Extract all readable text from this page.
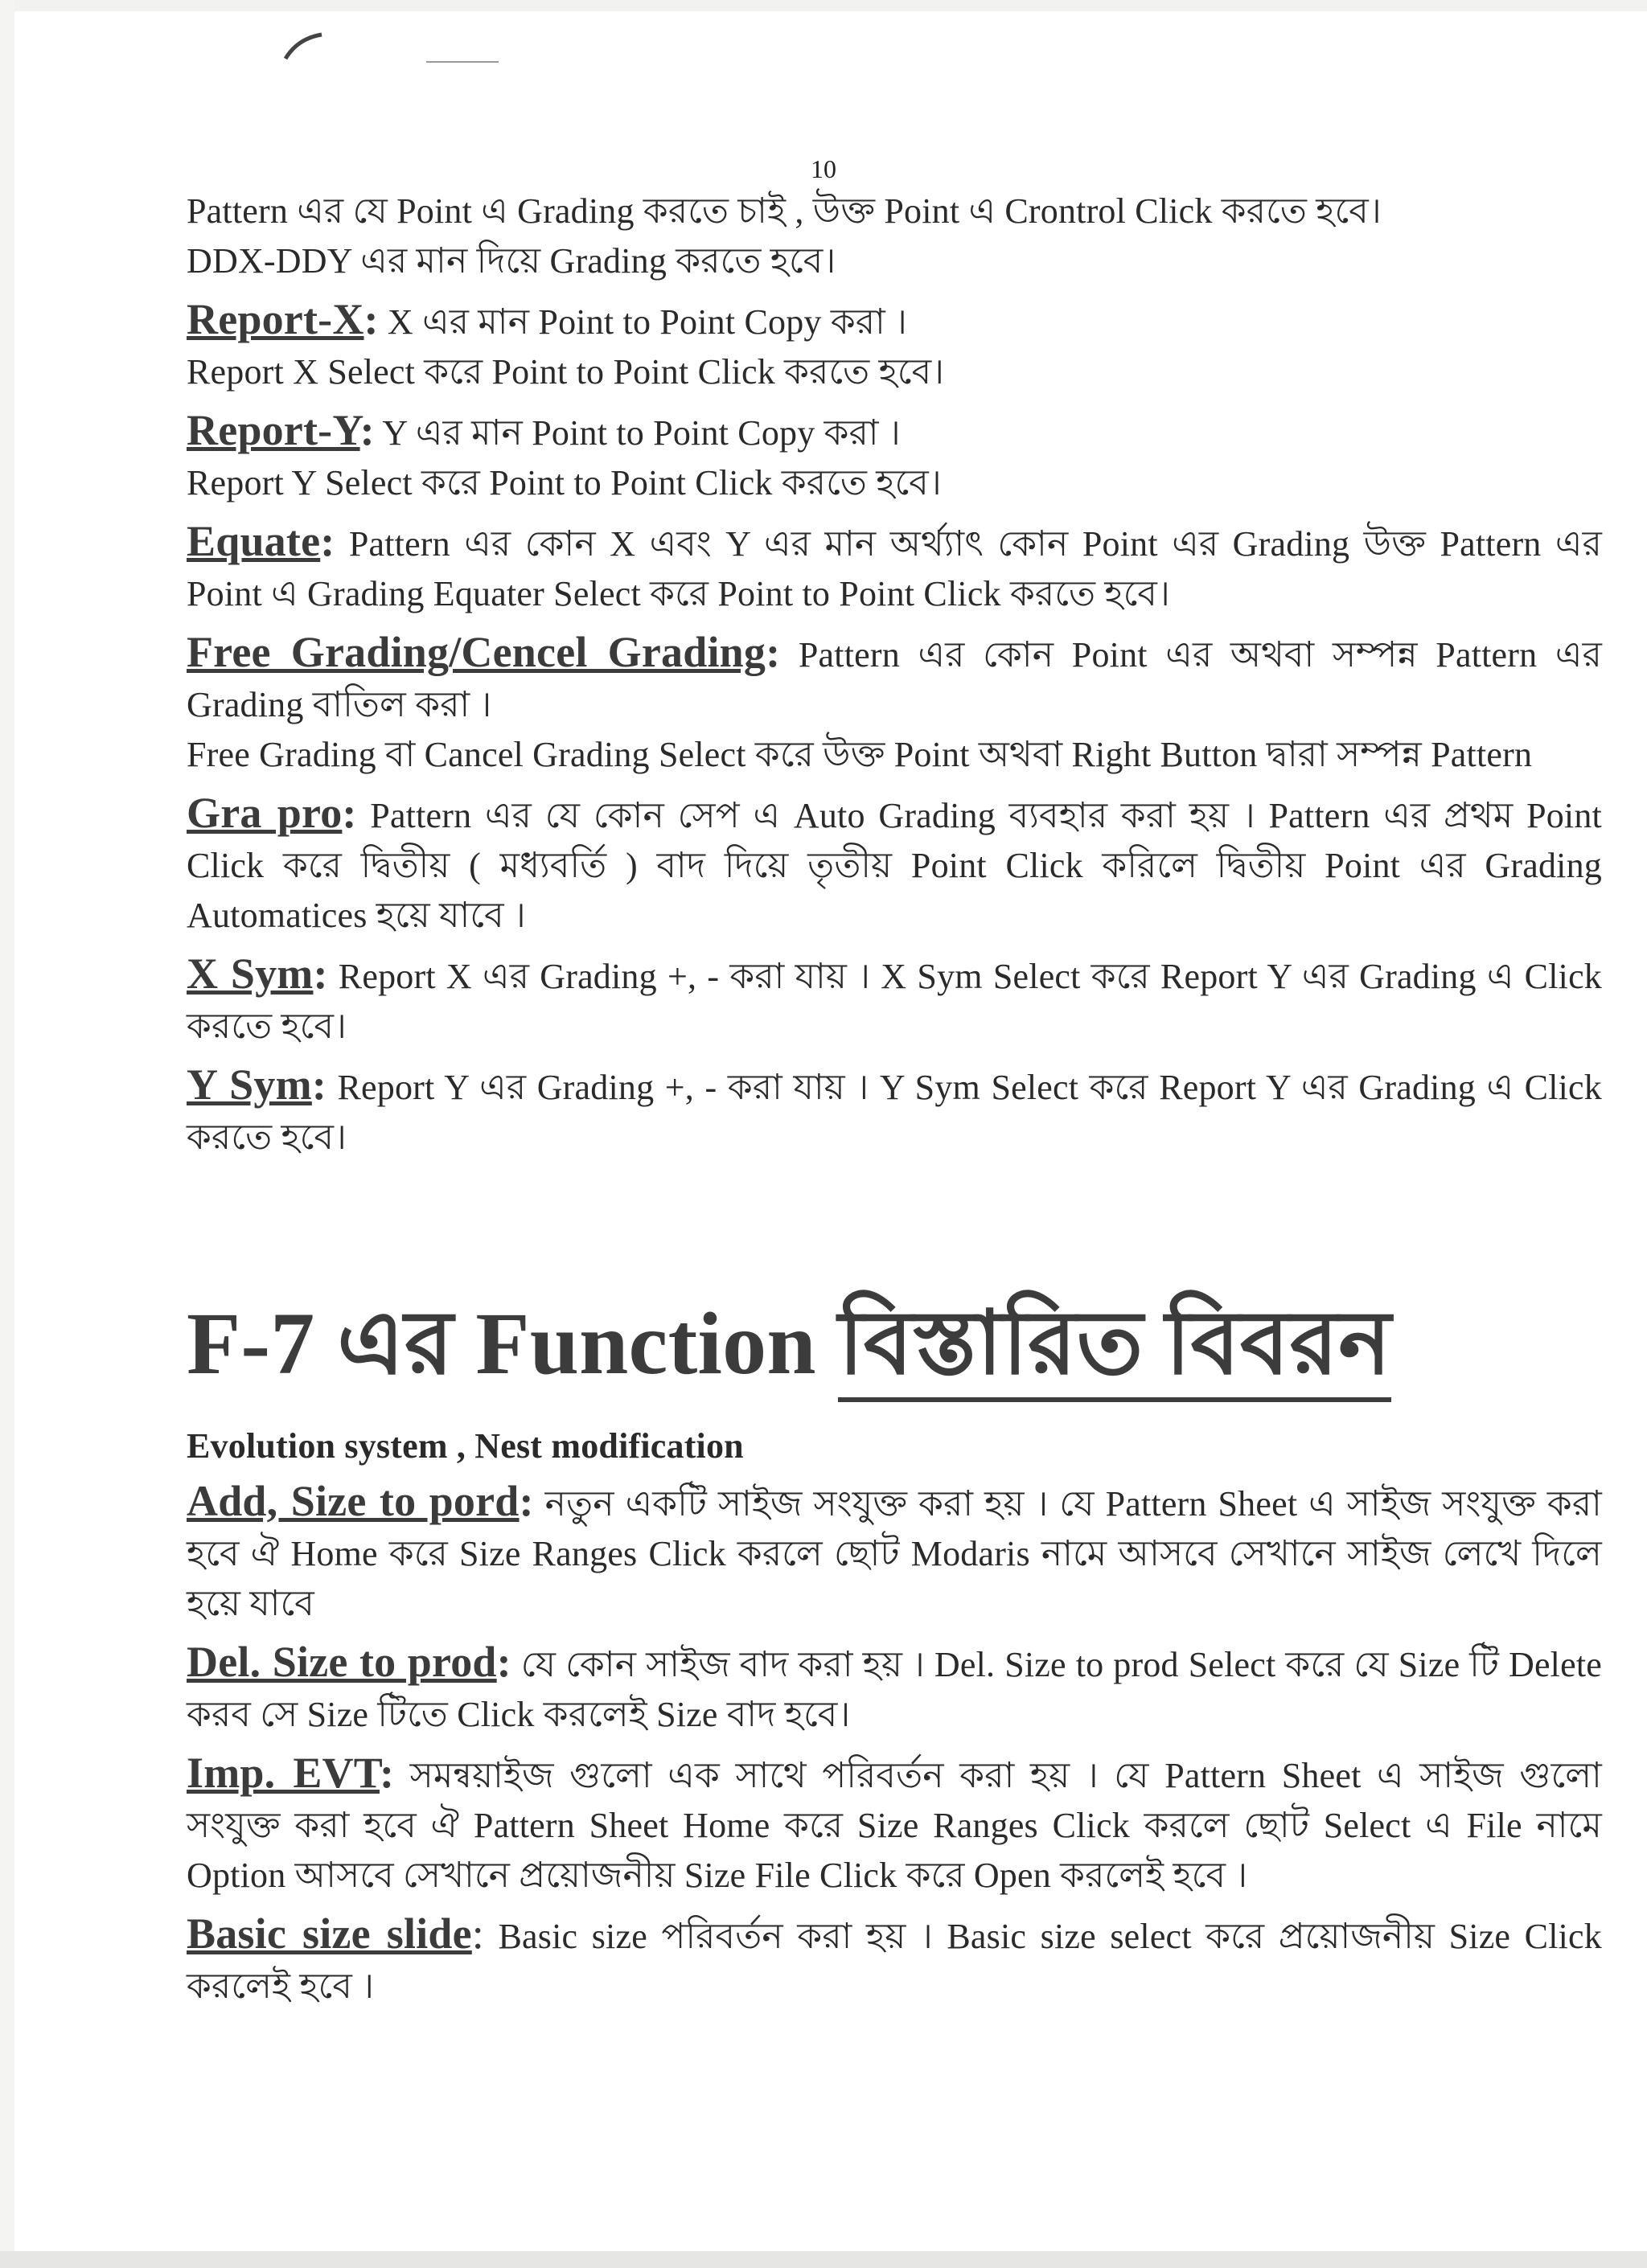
10

Pattern এর যে Point এ Grading করতে চাই , উক্ত Point এ Crontrol Click করতে হবে।

DDX-DDY এর মান দিয়ে Grading করতে হবে।

Report-X: X এর মান Point to Point Copy করা ।

Report X Select করে Point to Point Click করতে হবে।

Report-Y: Y এর মান Point to Point Copy করা ।

Report Y Select করে Point to Point Click করতে হবে।

Equate: Pattern এর কোন X এবং Y এর মান অর্থ্যাৎ কোন Point এর Grading উক্ত Pattern এর Point এ Grading Equater Select করে Point to Point Click করতে হবে।

Free Grading/Cencel Grading: Pattern এর কোন Point এর অথবা সম্পন্ন Pattern এর Grading বাতিল করা ।

Free Grading বা Cancel Grading Select করে উক্ত Point অথবা Right Button দ্বারা সম্পন্ন Pattern

Gra pro: Pattern এর যে কোন সেপ এ Auto Grading ব্যবহার করা হয় । Pattern এর প্রথম Point Click করে দ্বিতীয় ( মধ্যবর্তি ) বাদ দিয়ে তৃতীয় Point Click করিলে দ্বিতীয় Point এর Grading Automatices হয়ে যাবে ।

X Sym: Report X এর Grading +, - করা যায় । X Sym Select করে Report Y এর Grading এ Click করতে হবে।

Y Sym: Report Y এর Grading +, - করা যায় । Y Sym Select করে Report Y এর Grading এ Click করতে হবে।

F-7 এর Function বিস্তারিত বিবরন

Evolution system , Nest modification

Add, Size to pord: নতুন একটি সাইজ সংযুক্ত করা হয় । যে Pattern Sheet এ সাইজ সংযুক্ত করা হবে ঐ Home করে Size Ranges Click করলে ছোট Modaris নামে আসবে সেখানে সাইজ লেখে দিলে হয়ে যাবে

Del. Size to prod: যে কোন সাইজ বাদ করা হয় । Del. Size to prod Select করে যে Size টি Delete করব সে Size টিতে Click করলেই Size বাদ হবে।

Imp. EVT: সমন্বয়াইজ গুলো এক সাথে পরিবর্তন করা হয় । যে Pattern Sheet এ সাইজ গুলো সংযুক্ত করা হবে ঐ Pattern Sheet Home করে Size Ranges Click করলে ছোট Select এ File নামে Option আসবে সেখানে প্রয়োজনীয় Size File Click করে Open করলেই হবে ।

Basic size slide: Basic size পরিবর্তন করা হয় । Basic size select করে প্রয়োজনীয় Size Click করলেই হবে ।
